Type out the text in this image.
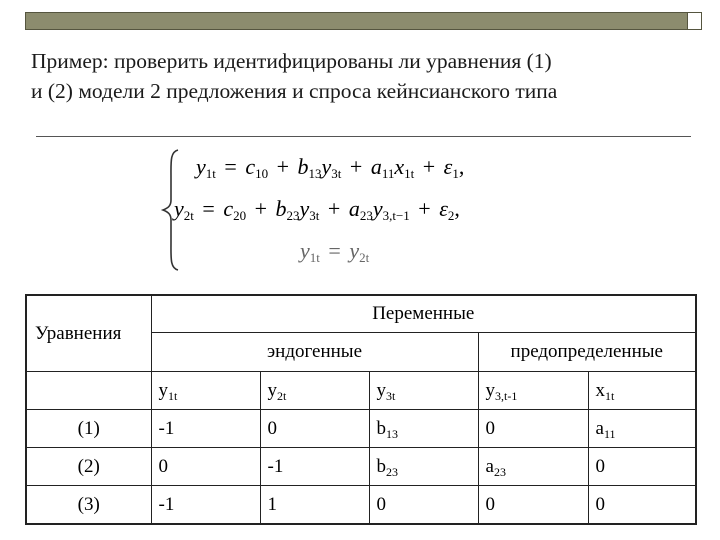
Пример: проверить идентифицированы ли уравнения (1)
и (2) модели 2 предложения и спроса кейнсианского типа
$y_{1t} = c_{10} + b_{13}y_{3t} + a_{11}x_{1t} + \varepsilon_1$,
$y_{2t} = c_{20} + b_{23}y_{3t} + a_{23}y_{3,t-1} + \varepsilon_2$,
$y_{1t} = y_{2t}$
Уравнения	Переменные				
	эндогенные			предопределенные	
	$y_{1t}$	$y_{2t}$	$y_{3t}$	$y_{3,t-1}$	$x_{1t}$
(1)	-1	0	$b_{13}$	0	$a_{11}$
(2)	0	-1	$b_{23}$	$a_{23}$	0
(3)	-1	1	0	0	0
